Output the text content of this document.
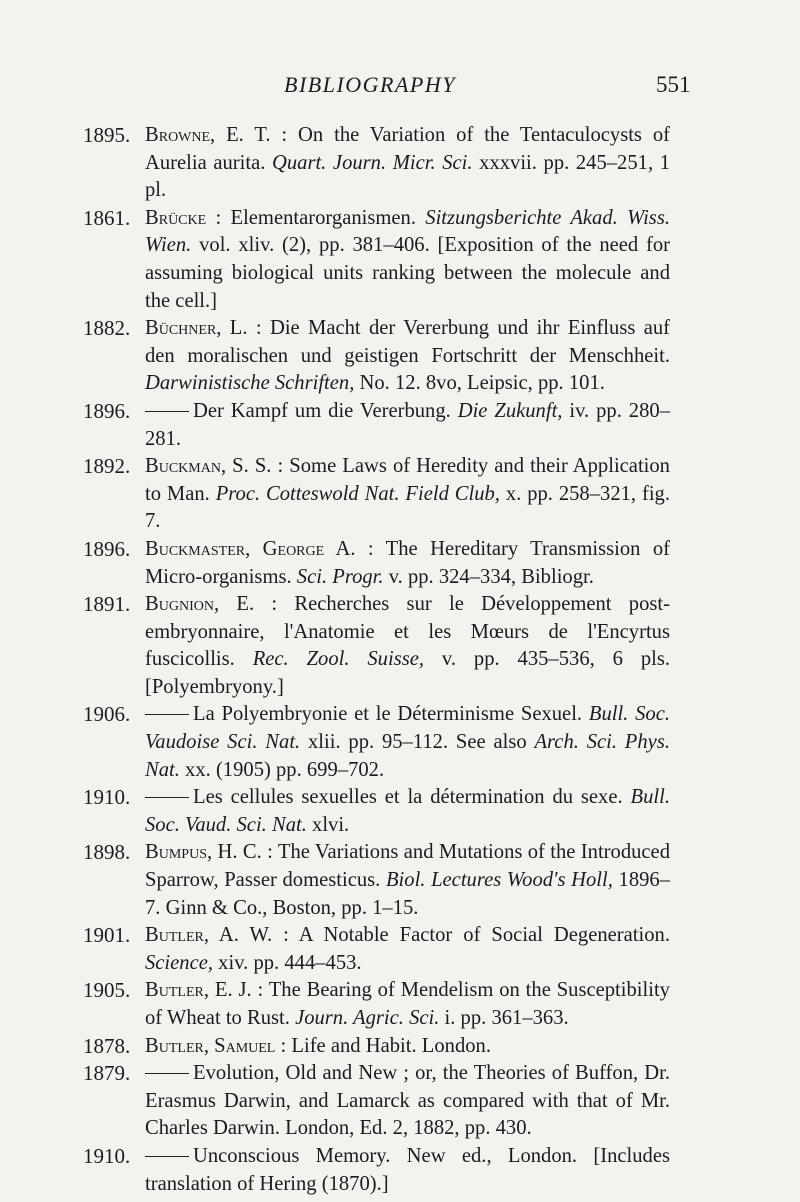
BIBLIOGRAPHY	551
1895. Browne, E. T. : On the Variation of the Tentaculocysts of Aurelia aurita. Quart. Journ. Micr. Sci. xxxvii. pp. 245–251, 1 pl.
1861. Brücke : Elementarorganismen. Sitzungsberichte Akad. Wiss. Wien. vol. xliv. (2), pp. 381–406. [Exposition of the need for assuming biological units ranking between the molecule and the cell.]
1882. Büchner, L. : Die Macht der Vererbung und ihr Einfluss auf den moralischen und geistigen Fortschritt der Menschheit. Darwinistische Schriften, No. 12. 8vo, Leipsic, pp. 101.
1896.	Der Kampf um die Vererbung. Die Zukunft, iv. pp. 280–281.
1892. Buckman, S. S. : Some Laws of Heredity and their Application to Man. Proc. Cotteswold Nat. Field Club, x. pp. 258–321, fig. 7.
1896. Buckmaster, George A. : The Hereditary Transmission of Micro-organisms. Sci. Progr. v. pp. 324–334, Bibliogr.
1891. Bugnion, E. : Recherches sur le Développement post-embryonnaire, l'Anatomie et les Mœurs de l'Encyrtus fuscicollis. Rec. Zool. Suisse, v. pp. 435–536, 6 pls. [Polyembryony.]
1906.	La Polyembryonie et le Déterminisme Sexuel. Bull. Soc. Vaudoise Sci. Nat. xlii. pp. 95–112. See also Arch. Sci. Phys. Nat. xx. (1905) pp. 699–702.
1910.	Les cellules sexuelles et la détermination du sexe. Bull. Soc. Vaud. Sci. Nat. xlvi.
1898. Bumpus, H. C. : The Variations and Mutations of the Introduced Sparrow, Passer domesticus. Biol. Lectures Wood's Holl, 1896–7. Ginn & Co., Boston, pp. 1–15.
1901. Butler, A. W. : A Notable Factor of Social Degeneration. Science, xiv. pp. 444–453.
1905. Butler, E. J. : The Bearing of Mendelism on the Susceptibility of Wheat to Rust. Journ. Agric. Sci. i. pp. 361–363.
1878. Butler, Samuel : Life and Habit. London.
1879.	Evolution, Old and New ; or, the Theories of Buffon, Dr. Erasmus Darwin, and Lamarck as compared with that of Mr. Charles Darwin. London, Ed. 2, 1882, pp. 430.
1910.	Unconscious Memory. New ed., London. [Includes translation of Hering (1870).]
